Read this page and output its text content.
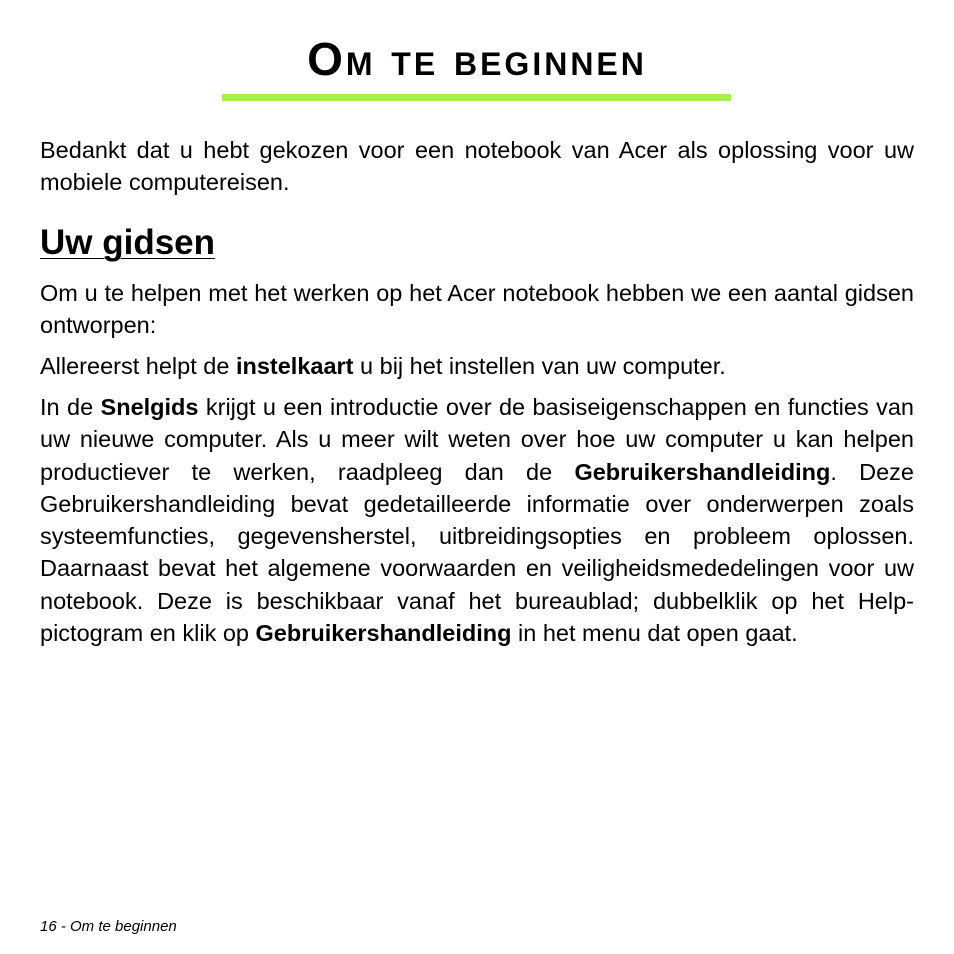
Om te beginnen

Bedankt dat u hebt gekozen voor een notebook van Acer als oplossing voor uw mobiele computereisen.

Uw gidsen

Om u te helpen met het werken op het Acer notebook hebben we een aantal gidsen ontworpen:

Allereerst helpt de instelkaart u bij het instellen van uw computer.

In de Snelgids krijgt u een introductie over de basiseigenschappen en functies van uw nieuwe computer. Als u meer wilt weten over hoe uw computer u kan helpen productiever te werken, raadpleeg dan de Gebruikershandleiding. Deze Gebruikershandleiding bevat gedetailleerde informatie over onderwerpen zoals systeemfuncties, gegevensherstel, uitbreidingsopties en probleem oplossen. Daarnaast bevat het algemene voorwaarden en veiligheidsmededelingen voor uw notebook. Deze is beschikbaar vanaf het bureaublad; dubbelklik op het Help-pictogram en klik op Gebruikershandleiding in het menu dat open gaat.

16 - Om te beginnen
